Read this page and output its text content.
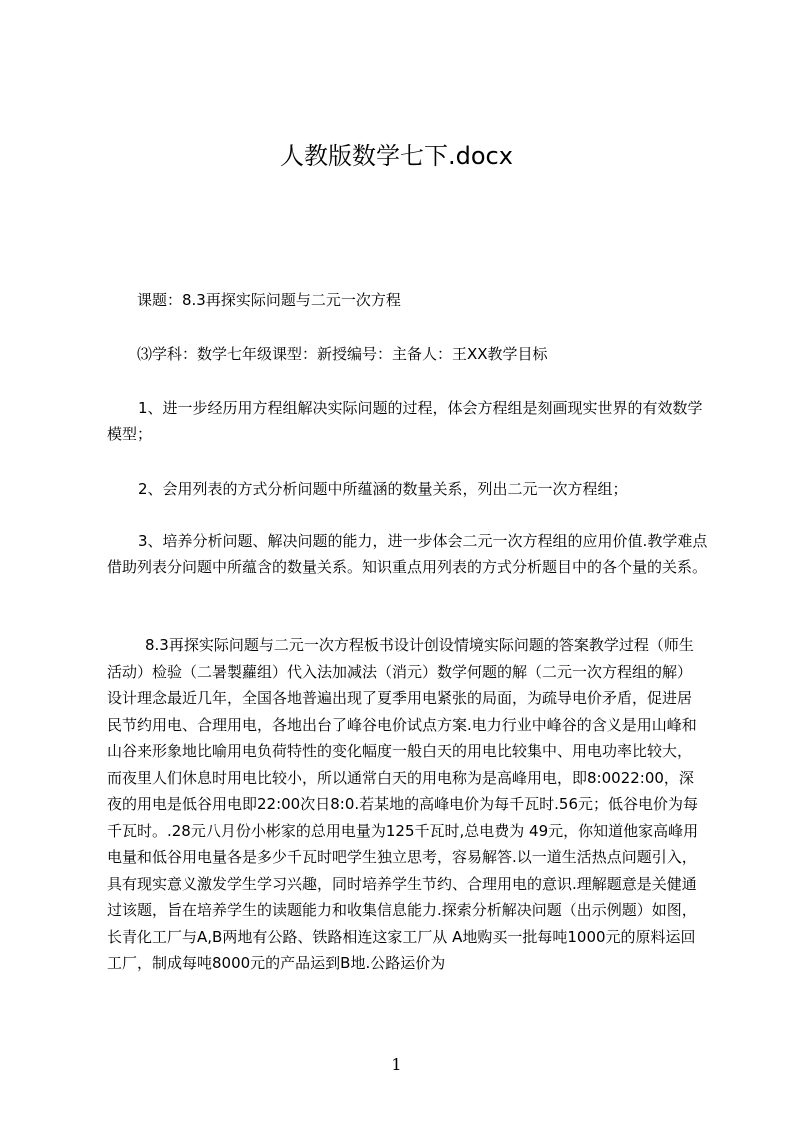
人教版数学七下.docx

课题：8.3再探实际问题与二元一次方程

⑶学科：数学七年级课型：新授编号：主备人：王XX教学目标

1、进一步经历用方程组解决实际问题的过程，体会方程组是刻画现实世界的有效数学模型；

2、会用列表的方式分析问题中所蕴涵的数量关系，列出二元一次方程组；

3、培养分析问题、解决问题的能力，进一步体会二元一次方程组的应用价值.教学难点借助列表分问题中所蕴含的数量关系。知识重点用列表的方式分析题目中的各个量的关系。

8.3再探实际问题与二元一次方程板书设计创设情境实际问题的答案教学过程（师生活动）检验（二暑製蘿组）代入法加减法（消元）数学何题的解（二元一次方程组的解）设计理念最近几年，全国各地普遍出现了夏季用电紧张的局面，为疏导电价矛盾，促进居民节约用电、合理用电，各地出台了峰谷电价试点方案.电力行业中峰谷的含义是用山峰和山谷来形象地比喻用电负荷特性的变化幅度一般白天的用电比较集中、用电功率比较大，而夜里人们休息时用电比较小，所以通常白天的用电称为是高峰用电，即8:0022:00，深夜的用电是低谷用电即22:00次日8:0.若某地的高峰电价为每千瓦时.56元；低谷电价为每千瓦时。.28元八月份小彬家的总用电量为125千瓦时,总电费为 49元，你知道他家高峰用电量和低谷用电量各是多少千瓦时吧学生独立思考，容易解答.以一道生活热点问题引入，具有现实意义激发学生学习兴趣，同时培养学生节约、合理用电的意识.理解题意是关健通过该题，旨在培养学生的读题能力和收集信息能力.探索分析解决问题（出示例题）如图，长青化工厂与A,B两地有公路、铁路相连这家工厂从 A地购买一批每吨1000元的原料运回工厂，制成每吨8000元的产品运到B地.公路运价为

1
